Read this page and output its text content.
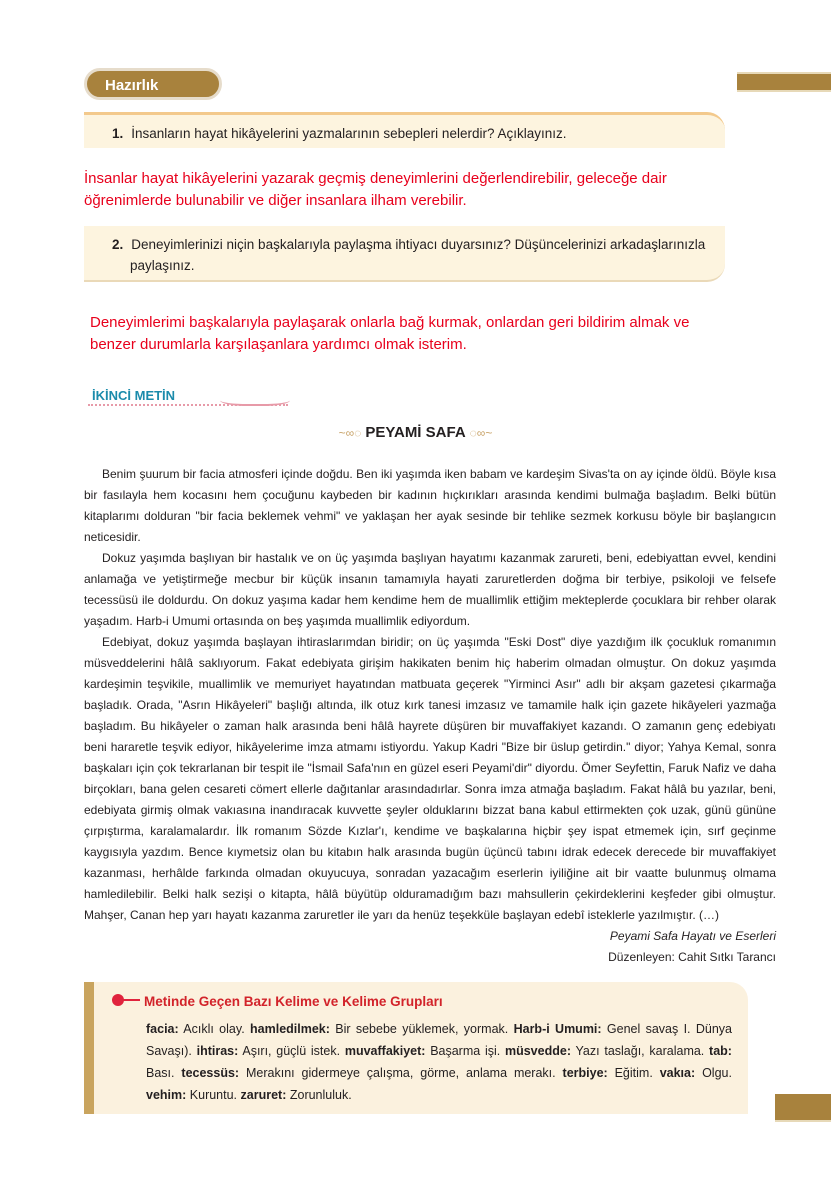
Hazırlık
1. İnsanların hayat hikâyelerini yazmalarının sebepleri nelerdir? Açıklayınız.
İnsanlar hayat hikâyelerini yazarak geçmiş deneyimlerini değerlendirebilir, geleceğe dair öğrenimlerde bulunabilir ve diğer insanlara ilham verebilir.
2. Deneyimlerinizi niçin başkalarıyla paylaşma ihtiyacı duyarsınız? Düşüncelerinizi arkadaşlarınızla paylaşınız.
Deneyimlerimi başkalarıyla paylaşarak onlarla bağ kurmak, onlardan geri bildirim almak ve benzer durumlarla karşılaşanlara yardımcı olmak isterim.
İKİNCİ METİN
~∞◌ PEYAMİ SAFA ◌∞~

Benim şuurum bir facia atmosferi içinde doğdu. Ben iki yaşımda iken babam ve kardeşim Sivas'ta on ay içinde öldü. Böyle kısa bir fasılayla hem kocasını hem çocuğunu kaybeden bir kadının hıçkırıkları arasında kendimi bulmağa başladım. Belki bütün kitaplarımı dolduran "bir facia beklemek vehmi" ve yaklaşan her ayak sesinde bir tehlike sezmek korkusu böyle bir başlangıcın neticesidir.

Dokuz yaşımda başlıyan bir hastalık ve on üç yaşımda başlıyan hayatımı kazanmak zarureti, beni, edebiyattan evvel, kendini anlamağa ve yetiştirmeğe mecbur bir küçük insanın tamamıyla hayati zaruretlerden doğma bir terbiye, psikoloji ve felsefe tecessüsü ile doldurdu. On dokuz yaşıma kadar hem kendime hem de muallimlik ettiğim mekteplerde çocuklara bir rehber olarak yaşadım. Harb-i Umumi ortasında on beş yaşımda muallimlik ediyordum.

Edebiyat, dokuz yaşımda başlayan ihtiraslarımdan biridir; on üç yaşımda "Eski Dost" diye yazdığım ilk çocukluk romanımın müsveddelerini hâlâ saklıyorum. Fakat edebiyata girişim hakikaten benim hiç haberim olmadan olmuştur. On dokuz yaşımda kardeşimin teşvikile, muallimlik ve memuriyet hayatından matbuata geçerek "Yirminci Asır" adlı bir akşam gazetesi çıkarmağa başladık. Orada, "Asrın Hikâyeleri" başlığı altında, ilk otuz kırk tanesi imzasız ve tamamile halk için gazete hikâyeleri yazmağa başladım. Bu hikâyeler o zaman halk arasında beni hâlâ hayrete düşüren bir muvaffakiyet kazandı. O zamanın genç edebiyatı beni hararetle teşvik ediyor, hikâyelerime imza atmamı istiyordu. Yakup Kadri "Bize bir üslup getirdin." diyor; Yahya Kemal, sonra başkaları için çok tekrarlanan bir tespit ile "İsmail Safa'nın en güzel eseri Peyami'dir" diyordu. Ömer Seyfettin, Faruk Nafiz ve daha birçokları, bana gelen cesareti cömert ellerle dağıtanlar arasındadırlar. Sonra imza atmağa başladım. Fakat hâlâ bu yazılar, beni, edebiyata girmiş olmak vakıasına inandıracak kuvvette şeyler olduklarını bizzat bana kabul ettirmekten çok uzak, günü gününe çırpıştırma, karalamalardır. İlk romanım Sözde Kızlar'ı, kendime ve başkalarına hiçbir şey ispat etmemek için, sırf geçinme kaygısıyla yazdım. Bence kıymetsiz olan bu kitabın halk arasında bugün üçüncü tabını idrak edecek derecede bir muvaffakiyet kazanması, herhâlde farkında olmadan okuyucuya, sonradan yazacağım eserlerin iyiliğine ait bir vaatte bulunmuş olmama hamledilebilir. Belki halk sezişi o kitapta, hâlâ büyütüp olduramadığım bazı mahsullerin çekirdeklerini keşfeder gibi olmuştur. Mahşer, Canan hep yarı hayatı kazanma zaruretler ile yarı da henüz teşekküle başlayan edebî isteklerle yazılmıştır. (…)

Peyami Safa Hayatı ve Eserleri
Düzenleyen: Cahit Sıtkı Tarancı
Metinde Geçen Bazı Kelime ve Kelime Grupları
facia: Acıklı olay. hamledilmek: Bir sebebe yüklemek, yormak. Harb-i Umumi: Genel savaş I. Dünya Savaşı). ihtiras: Aşırı, güçlü istek. muvaffakiyet: Başarma işi. müsvedde: Yazı taslağı, karalama. tab: Bası. tecessüs: Merakını gidermeye çalışma, görme, anlama merakı. terbiye: Eğitim. vakıa: Olgu. vehim: Kuruntu. zaruret: Zorunluluk.
